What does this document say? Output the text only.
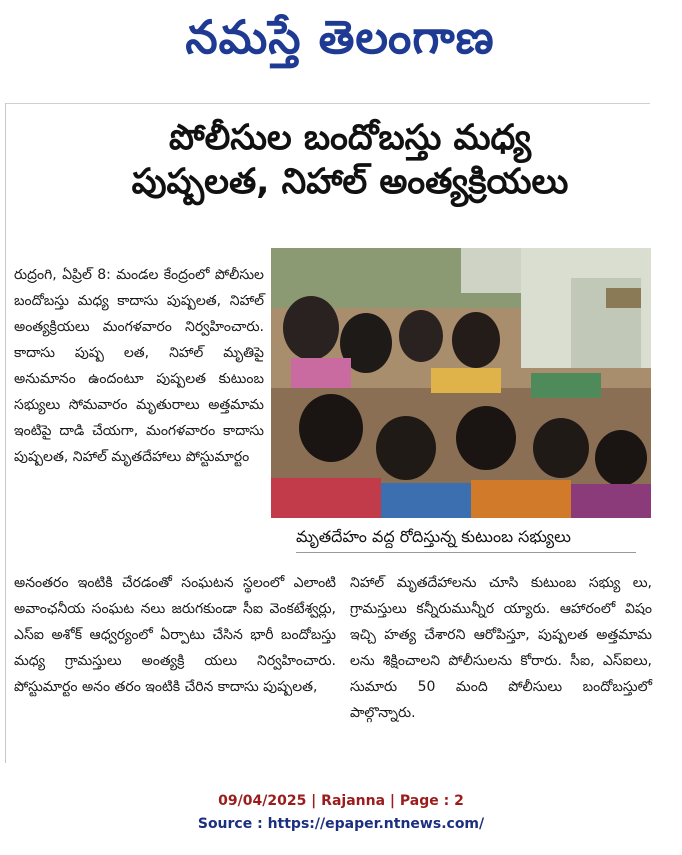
నమస్తే తెలంగాణ
పోలీసుల బందోబస్తు మధ్య
పుష్పలత, నిహాల్ అంత్యక్రియలు
రుద్రంగి, ఏప్రిల్ 8: మండల కేంద్రంలో పోలీసుల బందోబస్తు మధ్య కాదాసు పుష్పలత, నిహాల్ అంత్యక్రియలు మంగళవారం నిర్వహించారు. కాదాసు పుష్ప లత, నిహాల్ మృతిపై అనుమానం ఉందంటూ పుష్పలత కుటుంబ సభ్యులు సోమవారం మృతురాలు అత్తమామ ఇంటిపై దాడి చేయగా, మంగళవారం కాదాసు పుష్పలత, నిహాల్ మృతదేహాలు పోస్టుమార్టం
మృతదేహం వద్ద రోదిస్తున్న కుటుంబ సభ్యులు
అనంతరం ఇంటికి చేరడంతో సంఘటన స్థలంలో ఎలాంటి అవాంఛనీయ సంఘట నలు జరుగకుండా సీఐ వెంకటేశ్వర్లు, ఎస్ఐ అశోక్ ఆధ్వర్యంలో ఏర్పాటు చేసిన భారీ బందోబస్తు మధ్య గ్రామస్తులు అంత్యక్రి యలు నిర్వహించారు. పోస్టుమార్టం అనం తరం ఇంటికి చేరిన కాదాసు పుష్పలత,
నిహాల్ మృతదేహాలను చూసి కుటుంబ సభ్యు లు, గ్రామస్తులు కన్నీరుమున్నీర య్యారు. ఆహారంలో విషం ఇచ్చి హత్య చేశారని ఆరోపిస్తూ, పుష్పలత అత్తమామ లను శిక్షించాలని పోలీసులను కోరారు. సీఐ, ఎస్ఐలు, సుమారు 50 మంది పోలీసులు బందోబస్తులో పాల్గొన్నారు.
09/04/2025 | Rajanna | Page : 2
Source : https://epaper.ntnews.com/
